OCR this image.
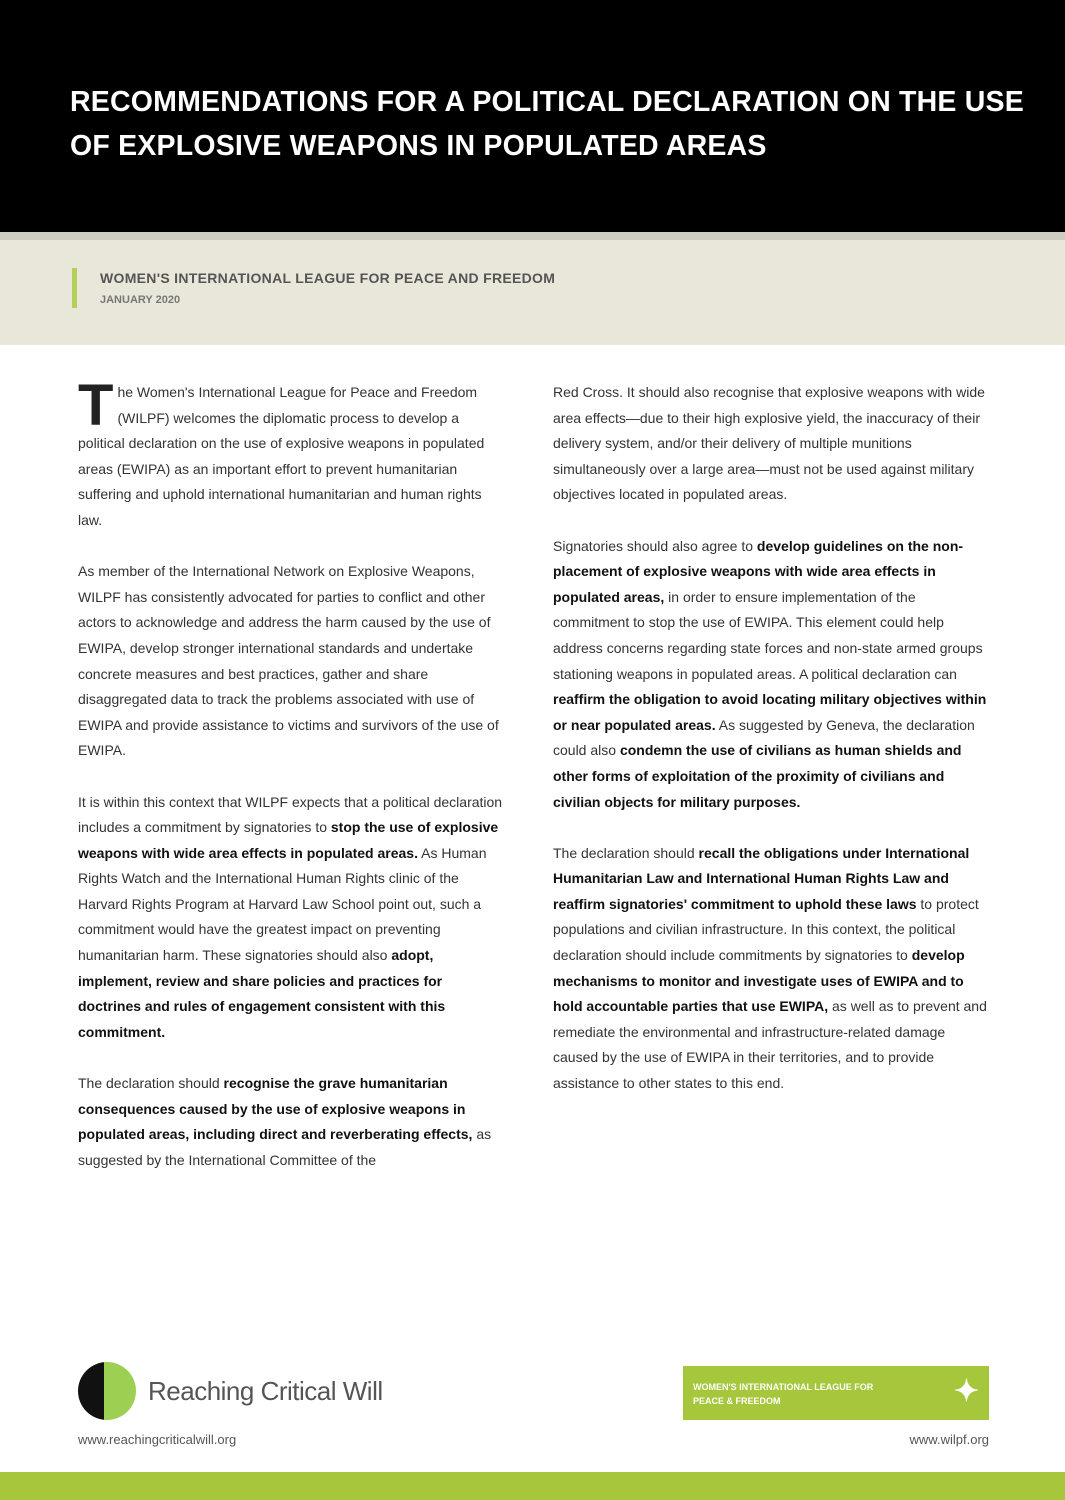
RECOMMENDATIONS FOR A POLITICAL DECLARATION ON THE USE OF EXPLOSIVE WEAPONS IN POPULATED AREAS
WOMEN'S INTERNATIONAL LEAGUE FOR PEACE AND FREEDOM
JANUARY 2020

The Women's International League for Peace and Freedom (WILPF) welcomes the diplomatic process to develop a political declaration on the use of explosive weapons in populated areas (EWIPA) as an important effort to prevent humanitarian suffering and uphold international humanitarian and human rights law.

As member of the International Network on Explosive Weapons, WILPF has consistently advocated for parties to conflict and other actors to acknowledge and address the harm caused by the use of EWIPA, develop stronger international standards and undertake concrete measures and best practices, gather and share disaggregated data to track the problems associated with use of EWIPA and provide assistance to victims and survivors of the use of EWIPA.

It is within this context that WILPF expects that a political declaration includes a commitment by signatories to stop the use of explosive weapons with wide area effects in populated areas. As Human Rights Watch and the International Human Rights clinic of the Harvard Rights Program at Harvard Law School point out, such a commitment would have the greatest impact on preventing humanitarian harm. These signatories should also adopt, implement, review and share policies and practices for doctrines and rules of engagement consistent with this commitment.

The declaration should recognise the grave humanitarian consequences caused by the use of explosive weapons in populated areas, including direct and reverberating effects, as suggested by the International Committee of the

Red Cross. It should also recognise that explosive weapons with wide area effects—due to their high explosive yield, the inaccuracy of their delivery system, and/or their delivery of multiple munitions simultaneously over a large area—must not be used against military objectives located in populated areas.

Signatories should also agree to develop guidelines on the non-placement of explosive weapons with wide area effects in populated areas, in order to ensure implementation of the commitment to stop the use of EWIPA. This element could help address concerns regarding state forces and non-state armed groups stationing weapons in populated areas. A political declaration can reaffirm the obligation to avoid locating military objectives within or near populated areas. As suggested by Geneva, the declaration could also condemn the use of civilians as human shields and other forms of exploitation of the proximity of civilians and civilian objects for military purposes.

The declaration should recall the obligations under International Humanitarian Law and International Human Rights Law and reaffirm signatories' commitment to uphold these laws to protect populations and civilian infrastructure. In this context, the political declaration should include commitments by signatories to develop mechanisms to monitor and investigate uses of EWIPA and to hold accountable parties that use EWIPA, as well as to prevent and remediate the environmental and infrastructure-related damage caused by the use of EWIPA in their territories, and to provide assistance to other states to this end.

Reaching Critical Will
www.reachingcriticalwill.org
WOMEN'S INTERNATIONAL LEAGUE FOR PEACE & FREEDOM	✦
www.wilpf.org
